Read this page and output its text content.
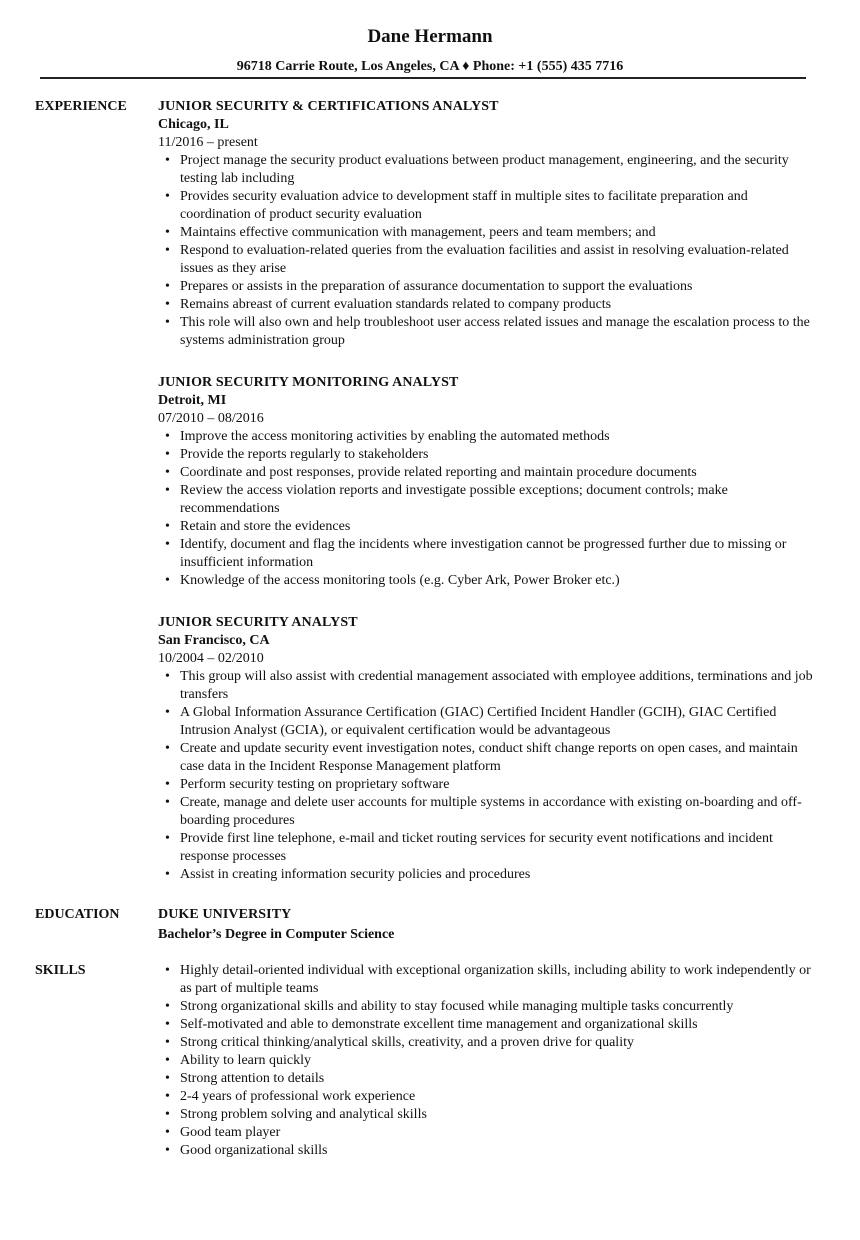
Dane Hermann
96718 Carrie Route, Los Angeles, CA ♦ Phone: +1 (555) 435 7716
EXPERIENCE JUNIOR SECURITY & CERTIFICATIONS ANALYST
Chicago, IL
11/2016 – present
• Project manage the security product evaluations between product management, engineering, and the security testing lab including
• Provides security evaluation advice to development staff in multiple sites to facilitate preparation and coordination of product security evaluation
• Maintains effective communication with management, peers and team members; and
• Respond to evaluation-related queries from the evaluation facilities and assist in resolving evaluation-related issues as they arise
• Prepares or assists in the preparation of assurance documentation to support the evaluations
• Remains abreast of current evaluation standards related to company products
• This role will also own and help troubleshoot user access related issues and manage the escalation process to the systems administration group
JUNIOR SECURITY MONITORING ANALYST
Detroit, MI
07/2010 – 08/2016
• Improve the access monitoring activities by enabling the automated methods
• Provide the reports regularly to stakeholders
• Coordinate and post responses, provide related reporting and maintain procedure documents
• Review the access violation reports and investigate possible exceptions; document controls; make recommendations
• Retain and store the evidences
• Identify, document and flag the incidents where investigation cannot be progressed further due to missing or insufficient information
• Knowledge of the access monitoring tools (e.g. Cyber Ark, Power Broker etc.)
JUNIOR SECURITY ANALYST
San Francisco, CA
10/2004 – 02/2010
• This group will also assist with credential management associated with employee additions, terminations and job transfers
• A Global Information Assurance Certification (GIAC) Certified Incident Handler (GCIH), GIAC Certified Intrusion Analyst (GCIA), or equivalent certification would be advantageous
• Create and update security event investigation notes, conduct shift change reports on open cases, and maintain case data in the Incident Response Management platform
• Perform security testing on proprietary software
• Create, manage and delete user accounts for multiple systems in accordance with existing on-boarding and off-boarding procedures
• Provide first line telephone, e-mail and ticket routing services for security event notifications and incident response processes
• Assist in creating information security policies and procedures
EDUCATION	DUKE UNIVERSITY
Bachelor’s Degree in Computer Science
SKILLS
•	Highly detail-oriented individual with exceptional organization skills, including ability to work independently or as part of multiple teams
• Strong organizational skills and ability to stay focused while managing multiple tasks concurrently
• Self-motivated and able to demonstrate excellent time management and organizational skills
• Strong critical thinking/analytical skills, creativity, and a proven drive for quality
• Ability to learn quickly
• Strong attention to details
• 2-4 years of professional work experience
• Strong problem solving and analytical skills
• Good team player
• Good organizational skills
